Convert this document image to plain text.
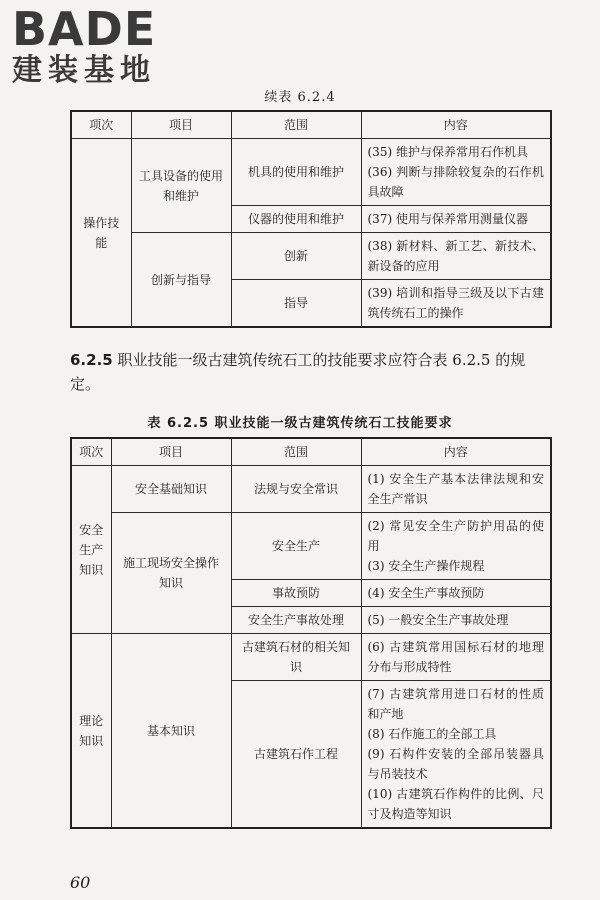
BADE
建装基地
续表 6.2.4
项次	项目	范围	内容
操作技能	工具设备的使用和维护	机具的使用和维护	(35) 维护与保养常用石作机具
(36) 判断与排除较复杂的石作机具故障

		仪器的使用和维护	(37) 使用与保养常用测量仪器

	创新与指导	创新	(38) 新材料、新工艺、新技术、新设备的应用

		指导	(39) 培训和指导三级及以下古建筑传统石工的操作
6.2.5 职业技能一级古建筑传统石工的技能要求应符合表 6.2.5 的规定。
表 6.2.5 职业技能一级古建筑传统石工技能要求
项次	项目	范围	内容
安全生产知识	安全基础知识	法规与安全常识	(1) 安全生产基本法律法规和安全生产常识

	施工现场安全操作知识	安全生产	(2) 常见安全生产防护用品的使用
(3) 安全生产操作规程

		事故预防	(4) 安全生产事故预防

		安全生产事故处理	(5) 一般安全生产事故处理

理论知识	基本知识	古建筑石材的相关知识	(6) 古建筑常用国标石材的地理分布与形成特性

		古建筑石作工程	(7) 古建筑常用进口石材的性质和产地
(8) 石作施工的全部工具
(9) 石构件安装的全部吊装器具与吊装技术
(10) 古建筑石作构件的比例、尺寸及构造等知识
60
